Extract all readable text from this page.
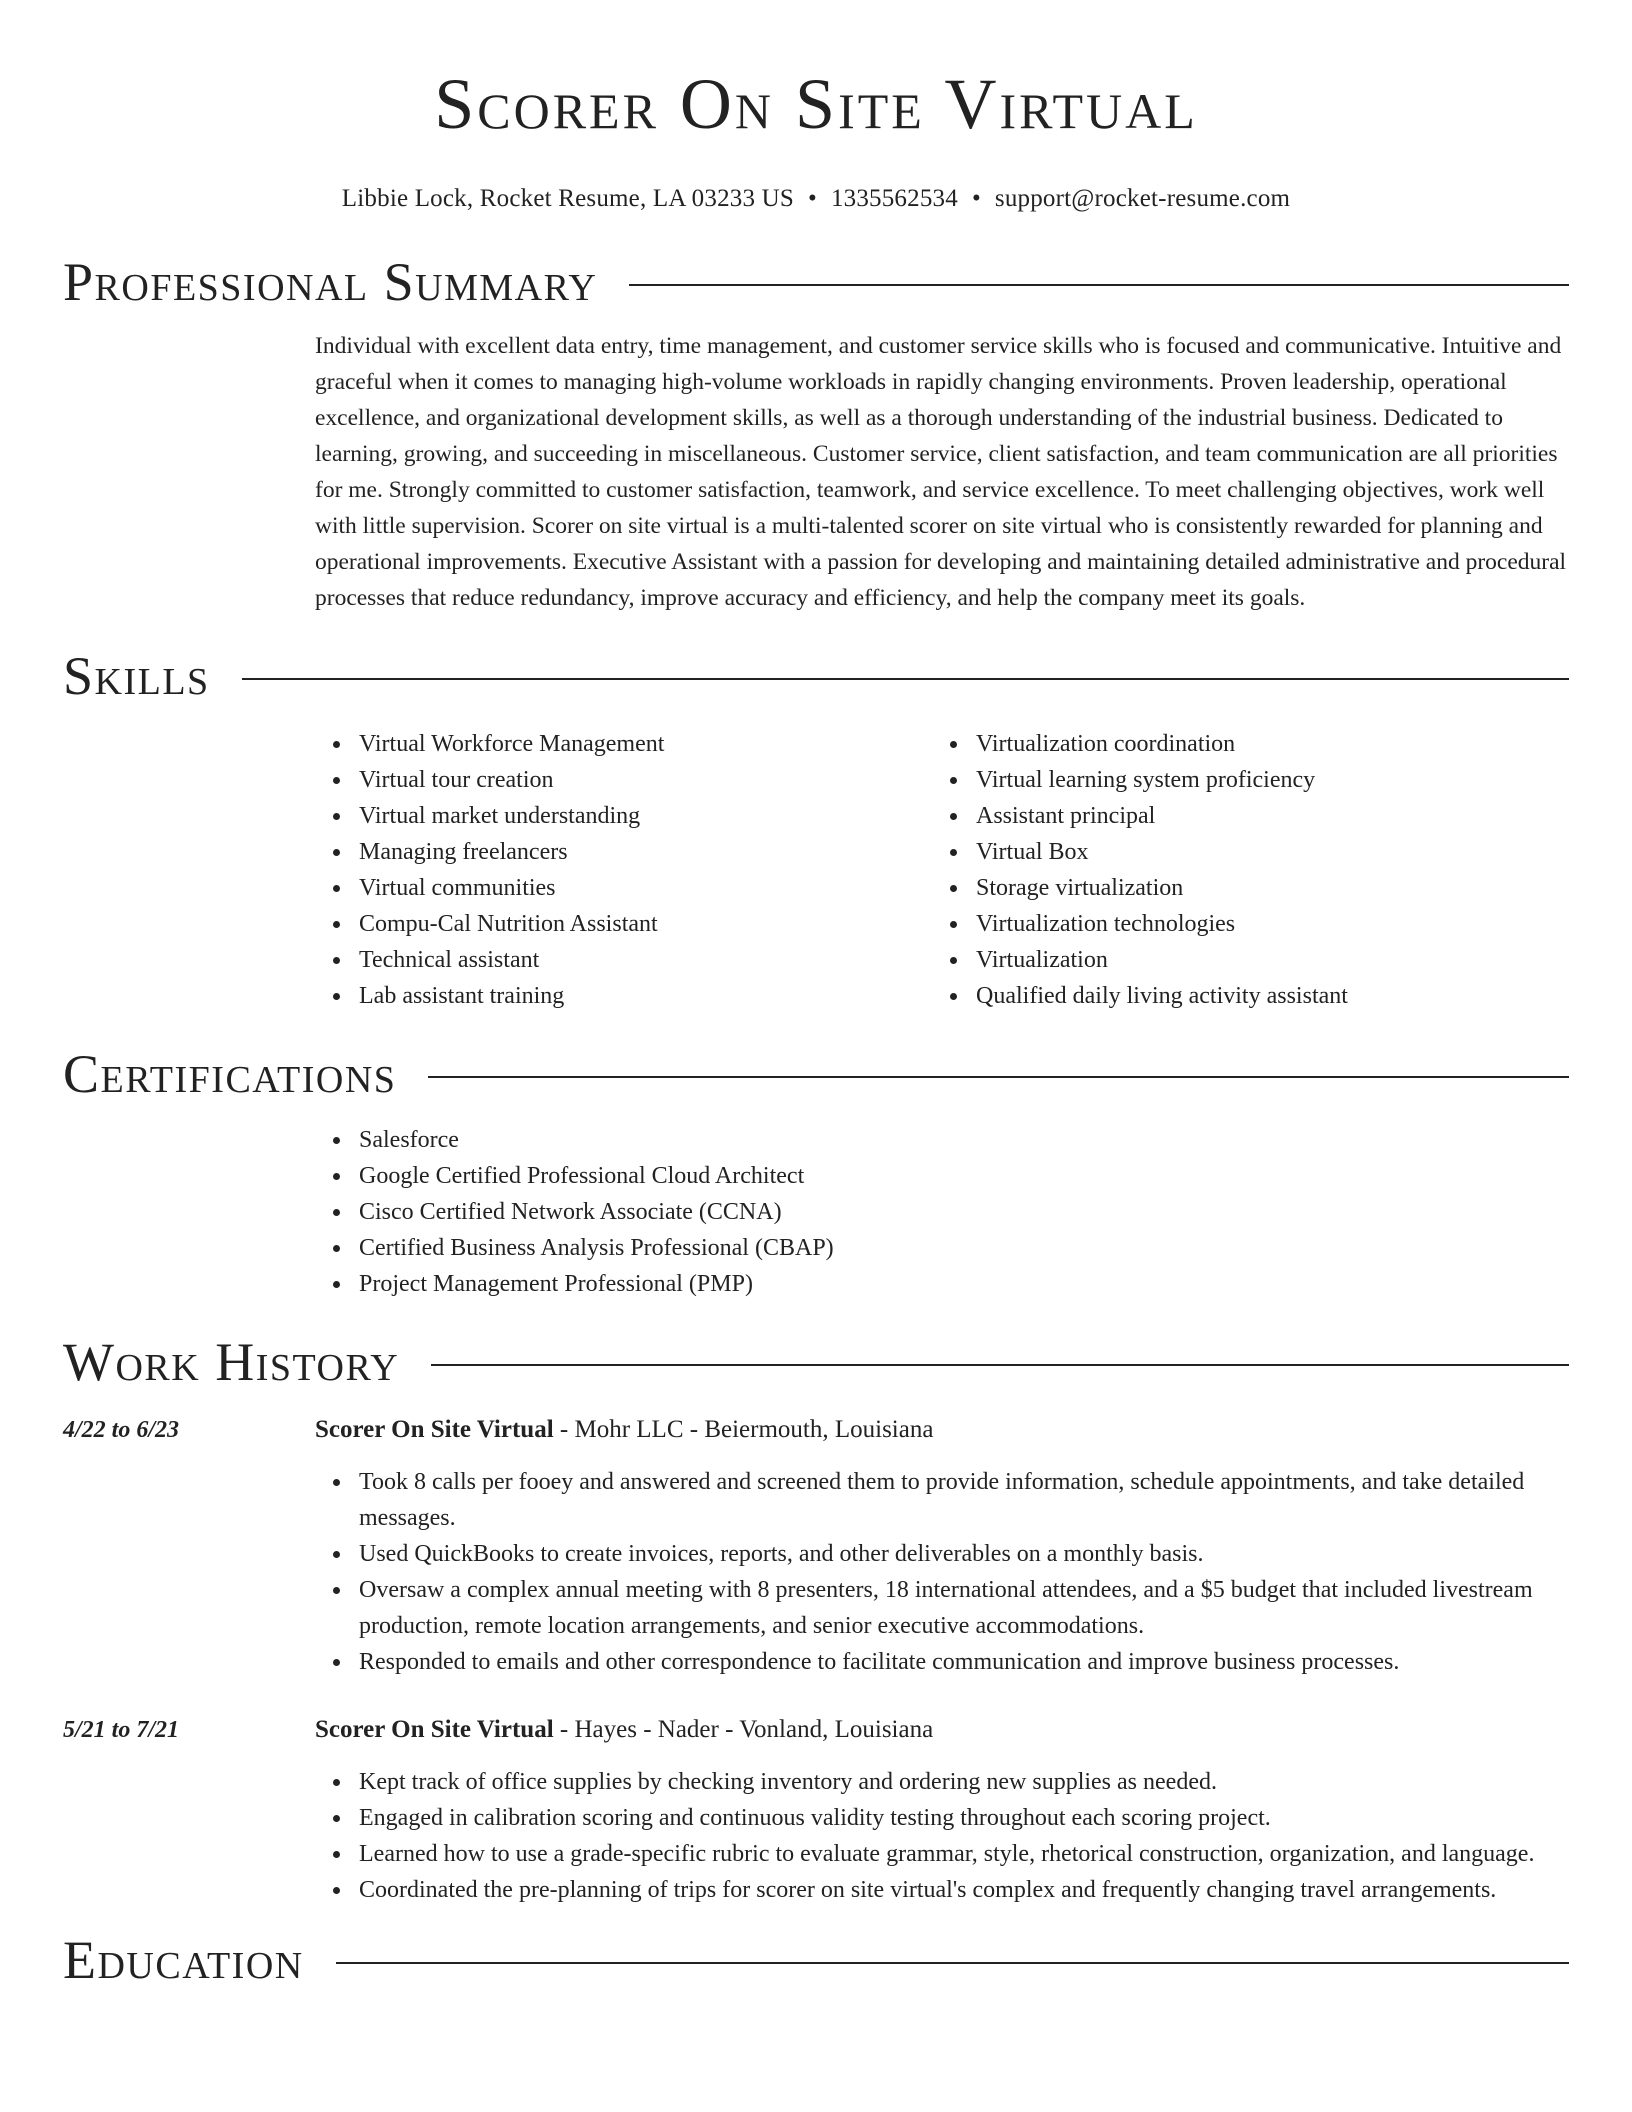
Scorer On Site Virtual
Libbie Lock, Rocket Resume, LA 03233 US • 1335562534 • support@rocket-resume.com
Professional Summary
Individual with excellent data entry, time management, and customer service skills who is focused and communicative. Intuitive and graceful when it comes to managing high-volume workloads in rapidly changing environments. Proven leadership, operational excellence, and organizational development skills, as well as a thorough understanding of the industrial business. Dedicated to learning, growing, and succeeding in miscellaneous. Customer service, client satisfaction, and team communication are all priorities for me. Strongly committed to customer satisfaction, teamwork, and service excellence. To meet challenging objectives, work well with little supervision. Scorer on site virtual is a multi-talented scorer on site virtual who is consistently rewarded for planning and operational improvements. Executive Assistant with a passion for developing and maintaining detailed administrative and procedural processes that reduce redundancy, improve accuracy and efficiency, and help the company meet its goals.
Skills
Virtual Workforce Management
Virtual tour creation
Virtual market understanding
Managing freelancers
Virtual communities
Compu-Cal Nutrition Assistant
Technical assistant
Lab assistant training
Virtualization coordination
Virtual learning system proficiency
Assistant principal
Virtual Box
Storage virtualization
Virtualization technologies
Virtualization
Qualified daily living activity assistant
Certifications
Salesforce
Google Certified Professional Cloud Architect
Cisco Certified Network Associate (CCNA)
Certified Business Analysis Professional (CBAP)
Project Management Professional (PMP)
Work History
4/22 to 6/23	Scorer On Site Virtual - Mohr LLC - Beiermouth, Louisiana
Took 8 calls per fooey and answered and screened them to provide information, schedule appointments, and take detailed messages.
Used QuickBooks to create invoices, reports, and other deliverables on a monthly basis.
Oversaw a complex annual meeting with 8 presenters, 18 international attendees, and a $5 budget that included livestream production, remote location arrangements, and senior executive accommodations.
Responded to emails and other correspondence to facilitate communication and improve business processes.
5/21 to 7/21	Scorer On Site Virtual - Hayes - Nader - Vonland, Louisiana
Kept track of office supplies by checking inventory and ordering new supplies as needed.
Engaged in calibration scoring and continuous validity testing throughout each scoring project.
Learned how to use a grade-specific rubric to evaluate grammar, style, rhetorical construction, organization, and language.
Coordinated the pre-planning of trips for scorer on site virtual's complex and frequently changing travel arrangements.
Education
